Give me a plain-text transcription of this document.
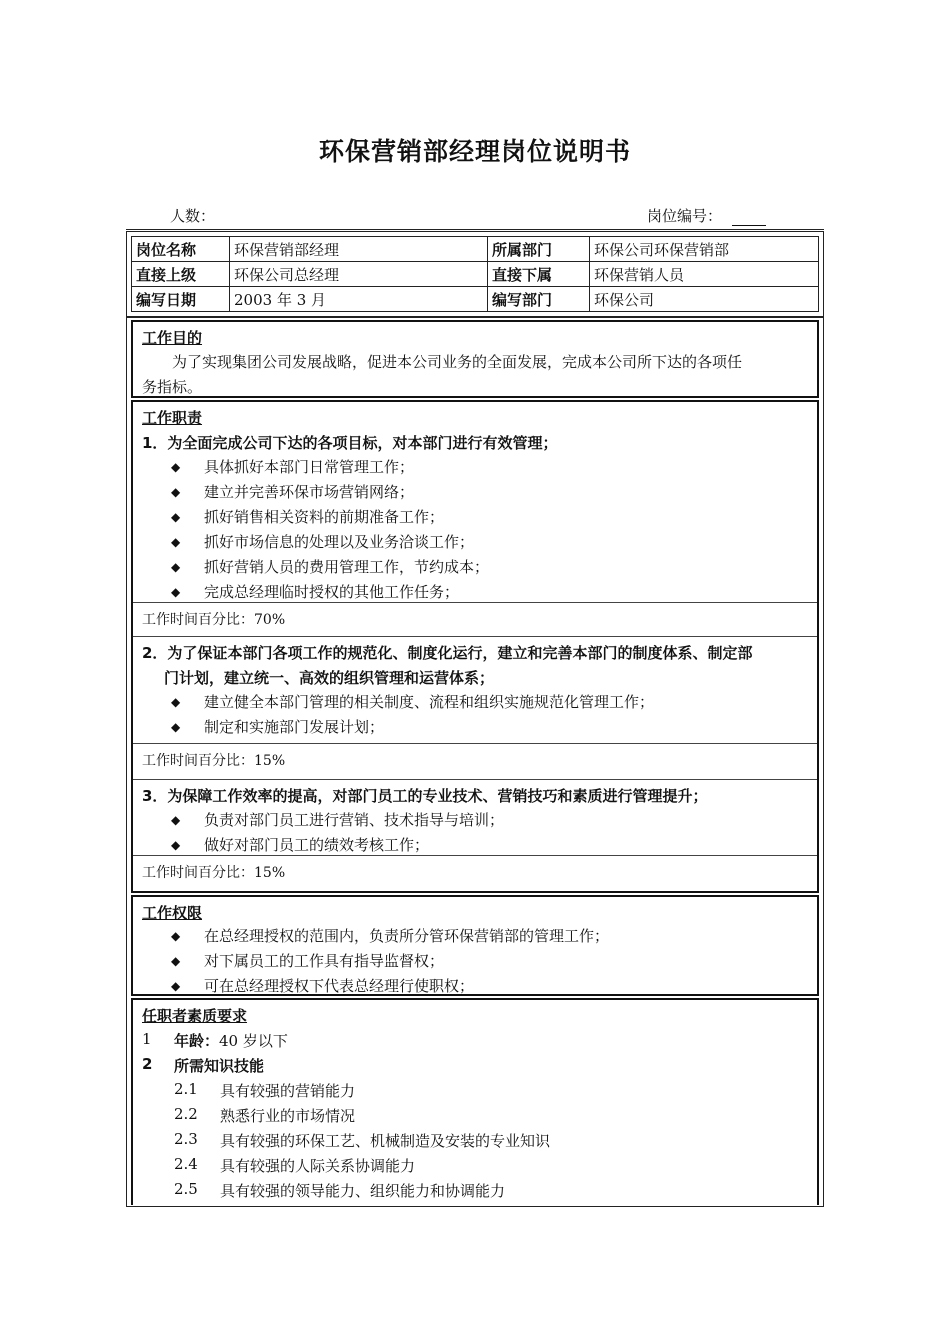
环保营销部经理岗位说明书
人数：	岗位编号：
岗位名称	环保营销部经理	所属部门	环保公司环保营销部
直接上级	环保公司总经理	直接下属	环保营销人员
编写日期	2003 年 3 月	编写部门	环保公司
工作目的
为了实现集团公司发展战略，促进本公司业务的全面发展，完成本公司所下达的各项任
务指标。
工作职责
1．为全面完成公司下达的各项目标，对本部门进行有效管理；
◆ 具体抓好本部门日常管理工作；
◆ 建立并完善环保市场营销网络；
◆ 抓好销售相关资料的前期准备工作；
◆ 抓好市场信息的处理以及业务洽谈工作；
◆ 抓好营销人员的费用管理工作，节约成本；
◆ 完成总经理临时授权的其他工作任务；
工作时间百分比：70%
2．为了保证本部门各项工作的规范化、制度化运行，建立和完善本部门的制度体系、制定部
门计划，建立统一、高效的组织管理和运营体系；
◆ 建立健全本部门管理的相关制度、流程和组织实施规范化管理工作；
◆ 制定和实施部门发展计划；
工作时间百分比：15%
3．为保障工作效率的提高，对部门员工的专业技术、营销技巧和素质进行管理提升；
◆ 负责对部门员工进行营销、技术指导与培训；
◆ 做好对部门员工的绩效考核工作；
工作时间百分比：15%
工作权限
◆ 在总经理授权的范围内，负责所分管环保营销部的管理工作；
◆ 对下属员工的工作具有指导监督权；
◆ 可在总经理授权下代表总经理行使职权；
任职者素质要求
1 年龄：40 岁以下
2 所需知识技能
2.1 具有较强的营销能力
2.2 熟悉行业的市场情况
2.3 具有较强的环保工艺、机械制造及安装的专业知识
2.4 具有较强的人际关系协调能力
2.5 具有较强的领导能力、组织能力和协调能力
